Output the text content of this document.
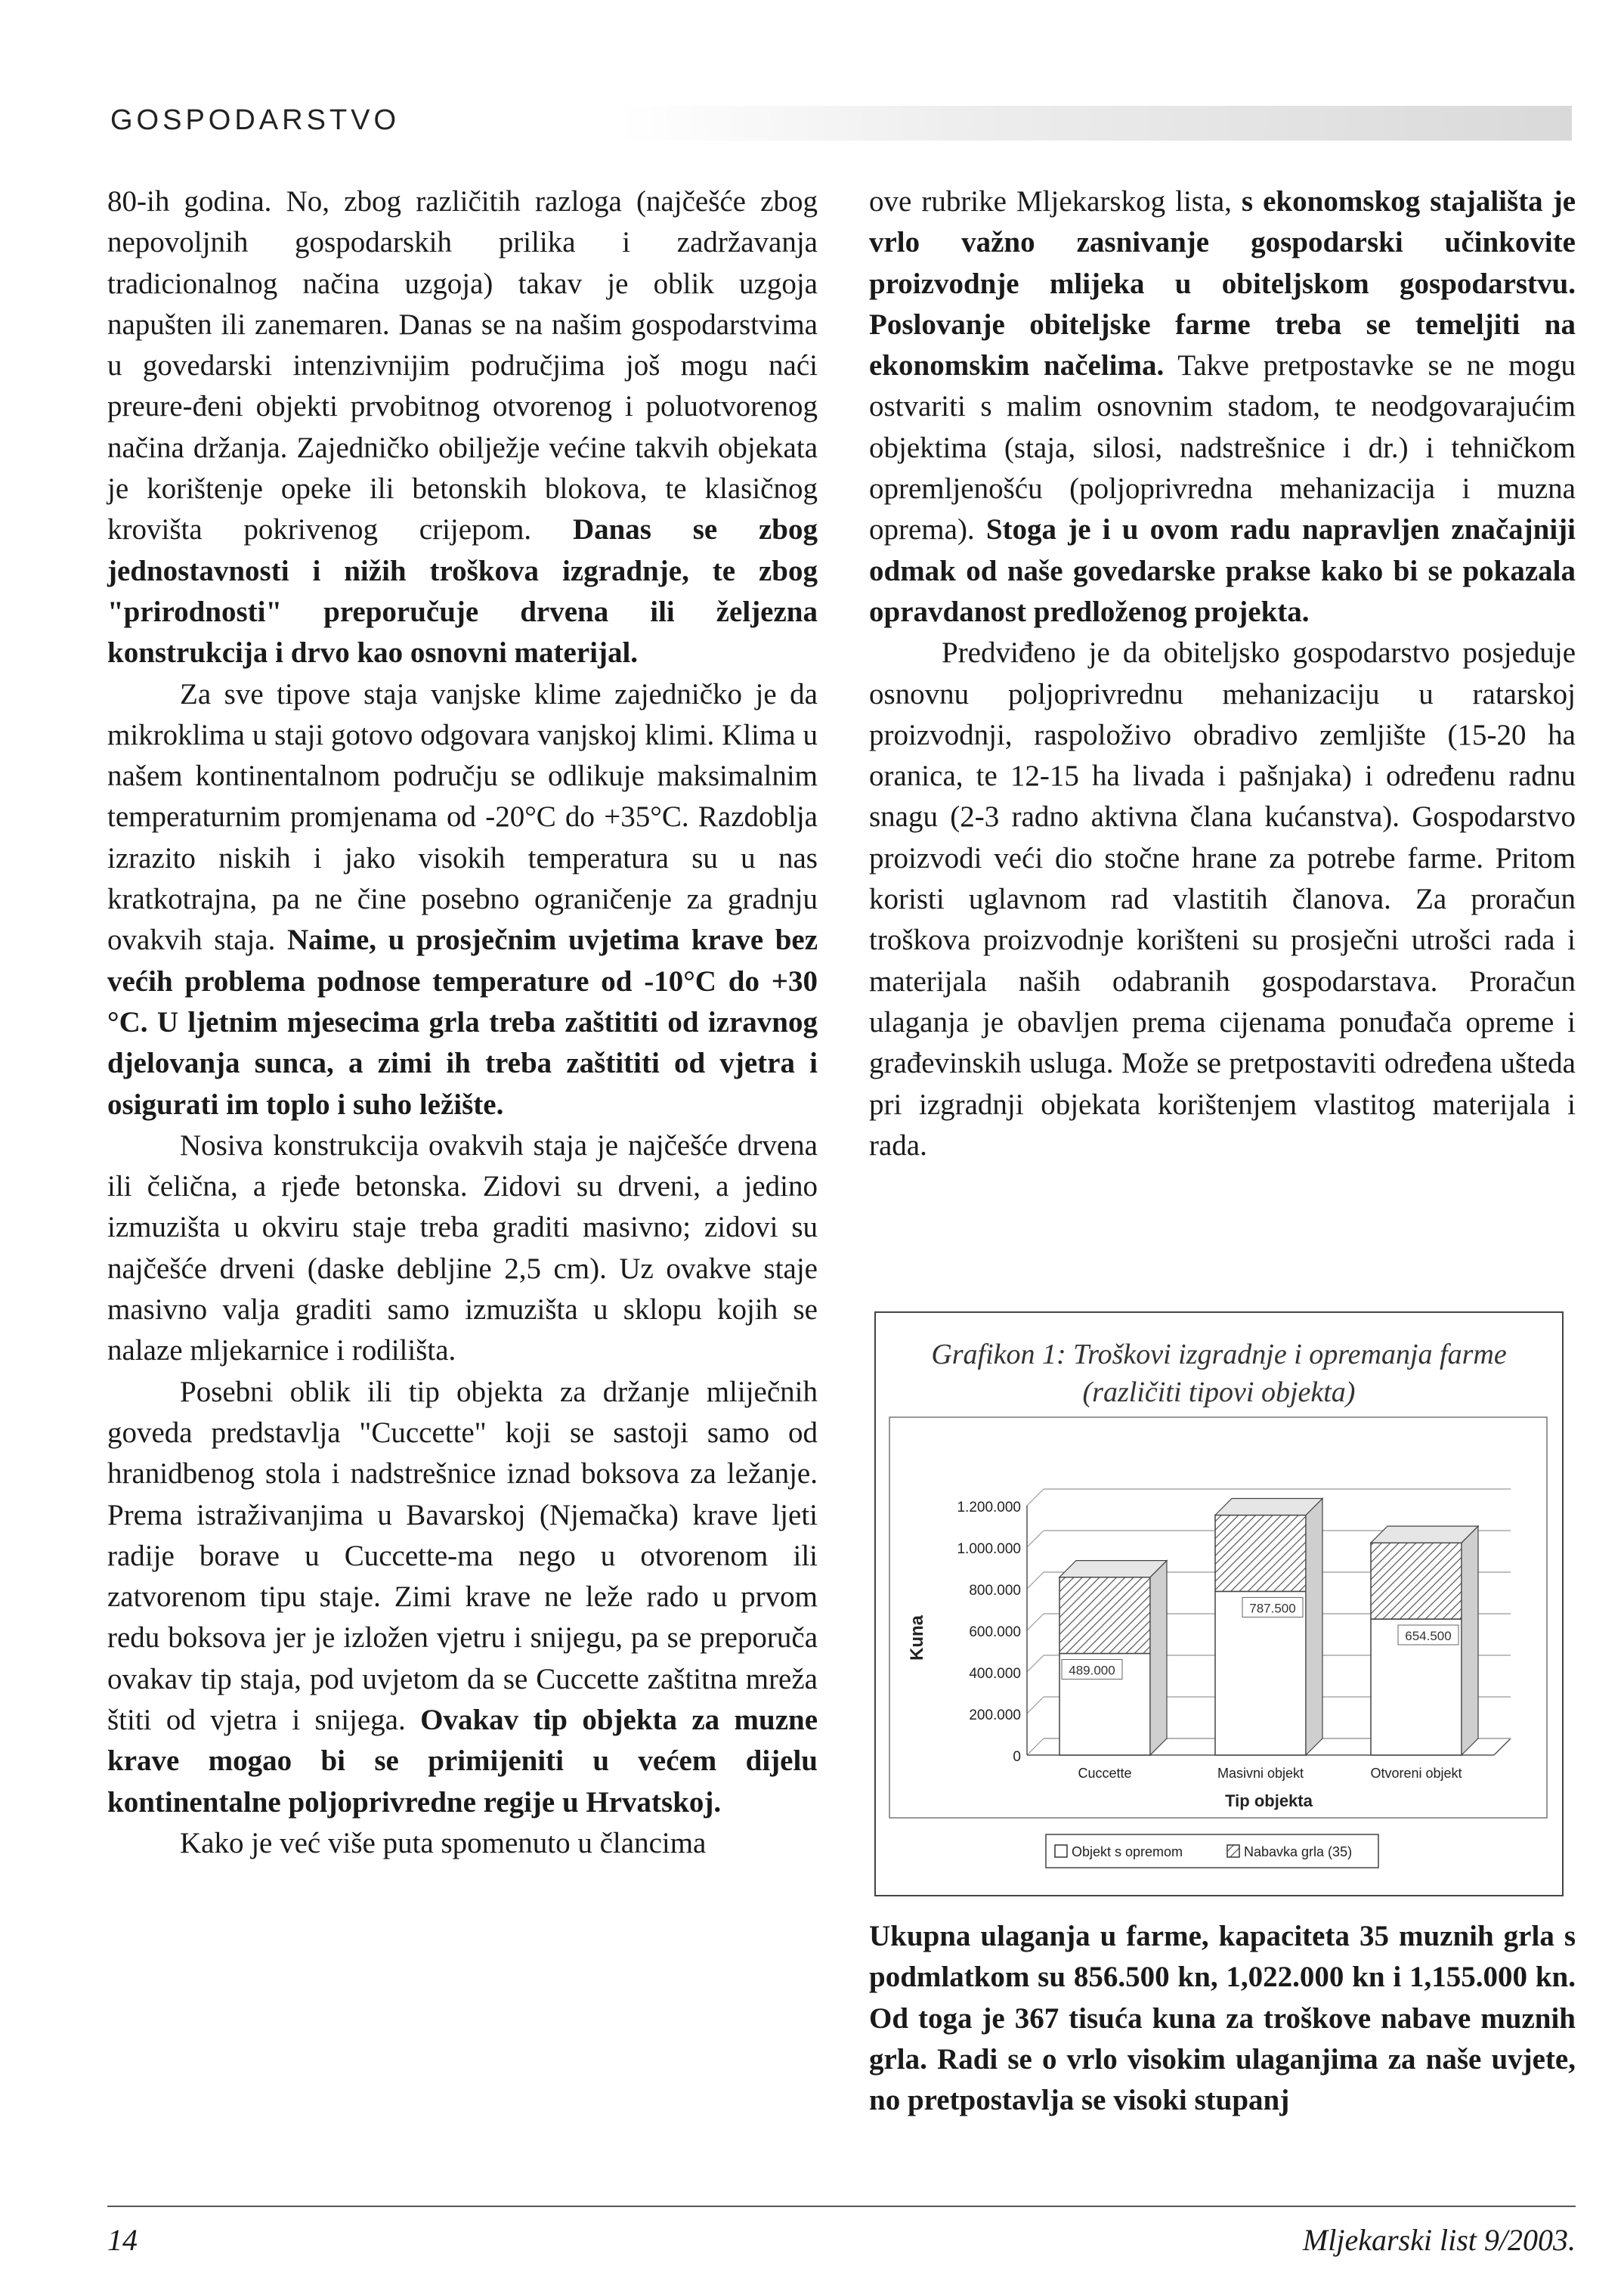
GOSPODARSTVO

80-ih godina. No, zbog različitih razloga (najčešće zbog nepovoljnih gospodarskih prilika i zadržavanja tradicionalnog načina uzgoja) takav je oblik uzgoja napušten ili zanemaren. Danas se na našim gospodarstvima u govedarski intenzivnijim područjima još mogu naći preure-đeni objekti prvobitnog otvorenog i poluotvorenog načina držanja. Zajedničko obilježje većine takvih objekata je korištenje opeke ili betonskih blokova, te klasičnog krovišta pokrivenog crijepom. Danas se zbog jednostavnosti i nižih troškova izgradnje, te zbog "prirodnosti" preporučuje drvena ili željezna konstrukcija i drvo kao osnovni materijal.

Za sve tipove staja vanjske klime zajedničko je da mikroklima u staji gotovo odgovara vanjskoj klimi. Klima u našem kontinentalnom području se odlikuje maksimalnim temperaturnim promjenama od -20°C do +35°C. Razdoblja izrazito niskih i jako visokih temperatura su u nas kratkotrajna, pa ne čine posebno ograničenje za gradnju ovakvih staja. Naime, u prosječnim uvjetima krave bez većih problema podnose temperature od -10°C do +30 °C. U ljetnim mjesecima grla treba zaštititi od izravnog djelovanja sunca, a zimi ih treba zaštititi od vjetra i osigurati im toplo i suho ležište.

Nosiva konstrukcija ovakvih staja je najčešće drvena ili čelična, a rjeđe betonska. Zidovi su drveni, a jedino izmuzišta u okviru staje treba graditi masivno; zidovi su najčešće drveni (daske debljine 2,5 cm). Uz ovakve staje masivno valja graditi samo izmuzišta u sklopu kojih se nalaze mljekarnice i rodilišta.

Posebni oblik ili tip objekta za držanje mliječnih goveda predstavlja "Cuccette" koji se sastoji samo od hranidbenog stola i nadstrešnice iznad boksova za ležanje. Prema istraživanjima u Bavarskoj (Njemačka) krave ljeti radije borave u Cuccette-ma nego u otvorenom ili zatvorenom tipu staje. Zimi krave ne leže rado u prvom redu boksova jer je izložen vjetru i snijegu, pa se preporuča ovakav tip staja, pod uvjetom da se Cuccette zaštitna mreža štiti od vjetra i snijega. Ovakav tip objekta za muzne krave mogao bi se primijeniti u većem dijelu kontinentalne poljoprivredne regije u Hrvatskoj.

Kako je već više puta spomenuto u člancima

ove rubrike Mljekarskog lista, s ekonomskog stajališta je vrlo važno zasnivanje gospodarski učinkovite proizvodnje mlijeka u obiteljskom gospodarstvu. Poslovanje obiteljske farme treba se temeljiti na ekonomskim načelima. Takve pretpostavke se ne mogu ostvariti s malim osnovnim stadom, te neodgovarajućim objektima (staja, silosi, nadstrešnice i dr.) i tehničkom opremljenošću (poljoprivredna mehanizacija i muzna oprema). Stoga je i u ovom radu napravljen značajniji odmak od naše govedarske prakse kako bi se pokazala opravdanost predloženog projekta.

Predviđeno je da obiteljsko gospodarstvo posjeduje osnovnu poljoprivrednu mehanizaciju u ratarskoj proizvodnji, raspoloživo obradivo zemljište (15-20 ha oranica, te 12-15 ha livada i pašnjaka) i određenu radnu snagu (2-3 radno aktivna člana kućanstva). Gospodarstvo proizvodi veći dio stočne hrane za potrebe farme. Pritom koristi uglavnom rad vlastitih članova. Za proračun troškova proizvodnje korišteni su prosječni utrošci rada i materijala naših odabranih gospodarstava. Proračun ulaganja je obavljen prema cijenama ponuđača opreme i građevinskih usluga. Može se pretpostaviti određena ušteda pri izgradnji objekata korištenjem vlastitog materijala i rada.

Grafikon 1: Troškovi izgradnje i opremanja farme (različiti tipovi objekta)
0
200.000
400.000
600.000
800.000
1.000.000
1.200.000
Kuna
489.000
Cuccette
787.500
Masivni objekt
654.500
Otvoreni objekt
Tip objekta
Objekt s opremom	Nabavka grla (35)
Ukupna ulaganja u farme, kapaciteta 35 muznih grla s podmlatkom su 856.500 kn, 1,022.000 kn i 1,155.000 kn. Od toga je 367 tisuća kuna za troškove nabave muznih grla. Radi se o vrlo visokim ulaganjima za naše uvjete, no pretpostavlja se visoki stupanj
14	Mljekarski list 9/2003.
